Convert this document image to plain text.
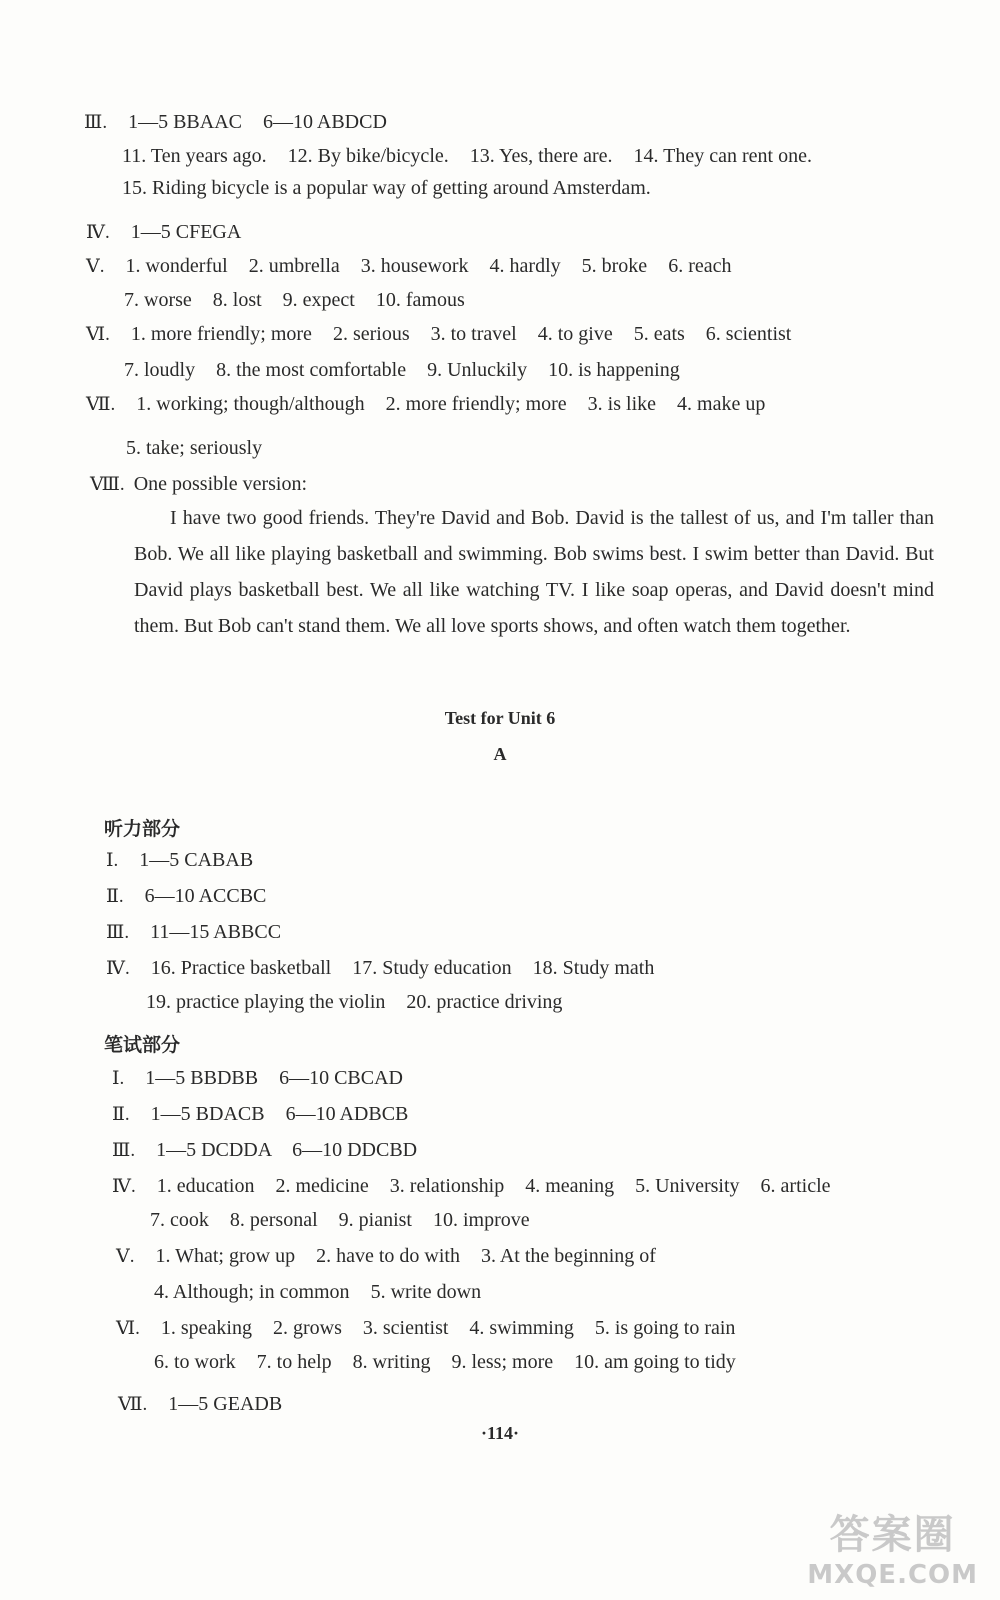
Ⅲ. 1—5 BBAAC 6—10 ABDCD
11. Ten years ago. 12. By bike/bicycle. 13. Yes, there are. 14. They can rent one.
15. Riding bicycle is a popular way of getting around Amsterdam.
Ⅳ. 1—5 CFEGA
Ⅴ. 1. wonderful 2. umbrella 3. housework 4. hardly 5. broke 6. reach
7. worse 8. lost 9. expect 10. famous
Ⅵ. 1. more friendly; more 2. serious 3. to travel 4. to give 5. eats 6. scientist
7. loudly 8. the most comfortable 9. Unluckily 10. is happening
Ⅶ. 1. working; though/although 2. more friendly; more 3. is like 4. make up
5. take; seriously
Ⅷ. One possible version:
I have two good friends. They're David and Bob. David is the tallest of us, and I'm taller than Bob. We all like playing basketball and swimming. Bob swims best. I swim better than David. But David plays basketball best. We all like watching TV. I like soap operas, and David doesn't mind them. But Bob can't stand them. We all love sports shows, and often watch them together.
Test for Unit 6
A
听力部分
Ⅰ. 1—5 CABAB
Ⅱ. 6—10 ACCBC
Ⅲ. 11—15 ABBCC
Ⅳ. 16. Practice basketball 17. Study education 18. Study math
19. practice playing the violin 20. practice driving
笔试部分
Ⅰ. 1—5 BBDBB 6—10 CBCAD
Ⅱ. 1—5 BDACB 6—10 ADBCB
Ⅲ. 1—5 DCDDA 6—10 DDCBD
Ⅳ. 1. education 2. medicine 3. relationship 4. meaning 5. University 6. article
7. cook 8. personal 9. pianist 10. improve
Ⅴ. 1. What; grow up 2. have to do with 3. At the beginning of
4. Although; in common 5. write down
Ⅵ. 1. speaking 2. grows 3. scientist 4. swimming 5. is going to rain
6. to work 7. to help 8. writing 9. less; more 10. am going to tidy
Ⅶ. 1—5 GEADB
·114·
答案圈
MXQE.COM
